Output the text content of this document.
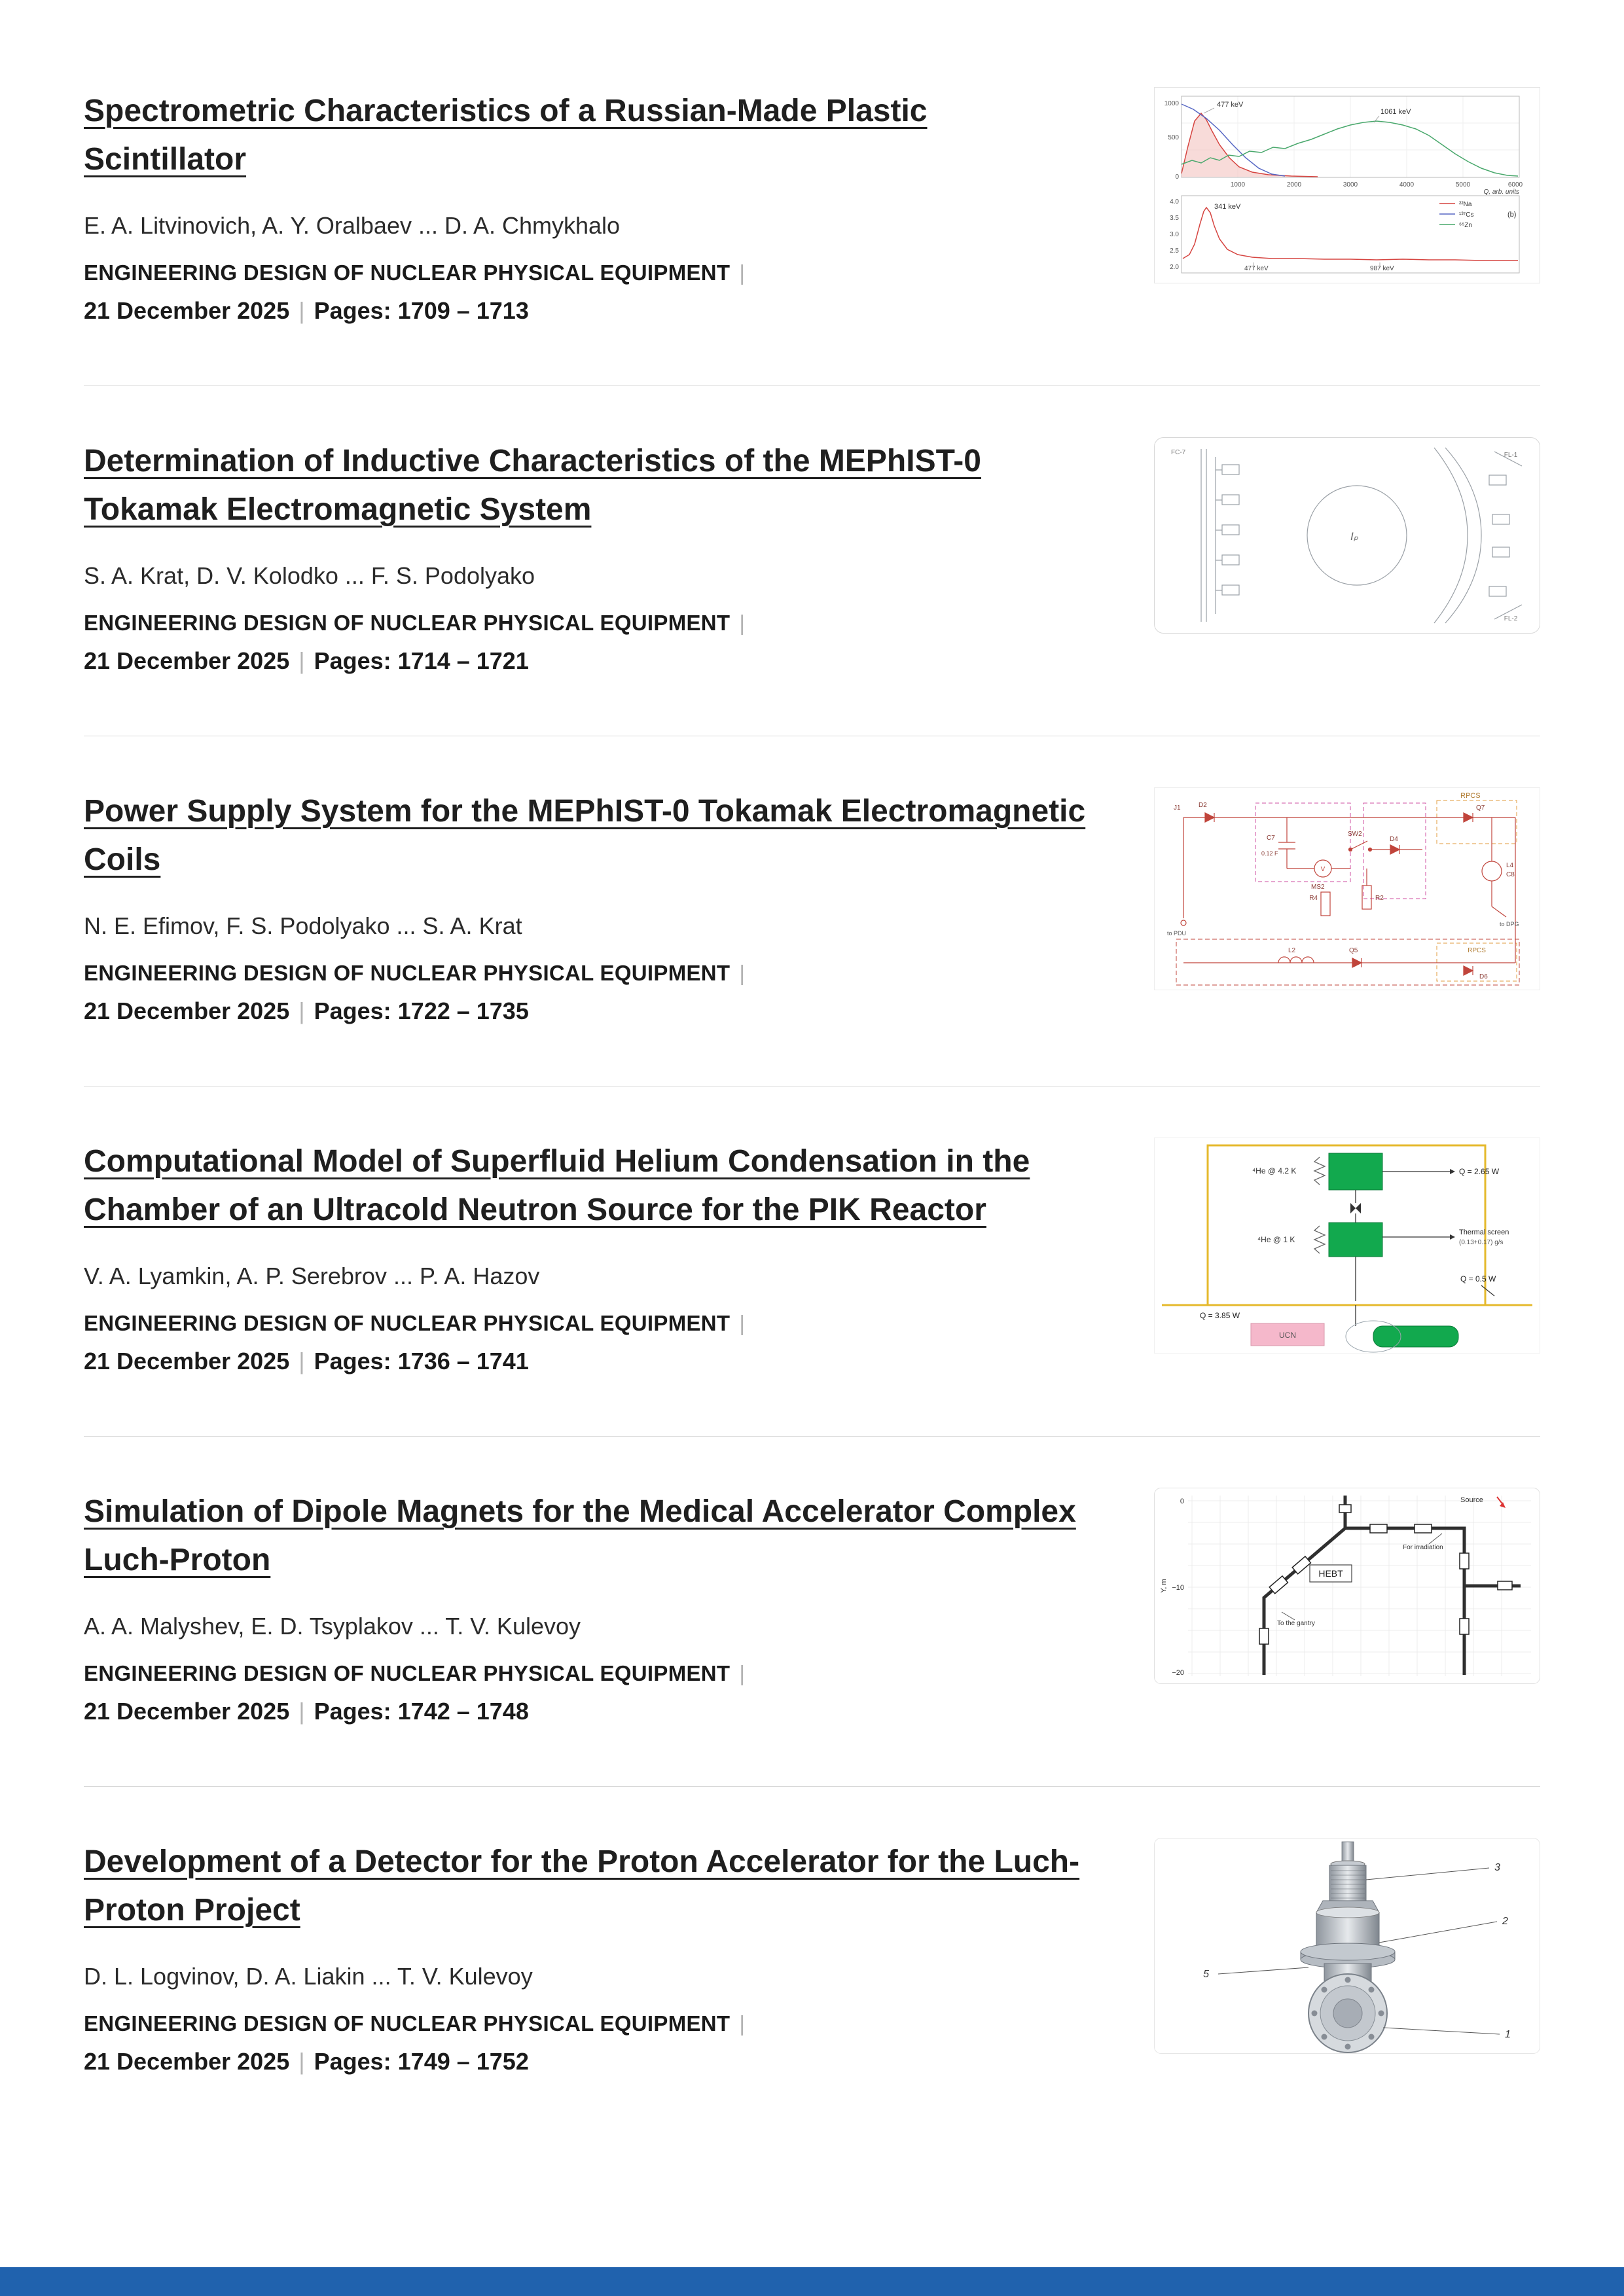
Spectrometric Characteristics of a Russian-Made Plastic Scintillator
E. A. Litvinovich, A. Y. Oralbaev ... D. A. Chmykhalo
ENGINEERING DESIGN OF NUCLEAR PHYSICAL EQUIPMENT |
21 December 2025 | Pages: 1709 – 1713
477 keV
1061 keV
1000
500
0
1000	2000	3000	4000	5000	6000
Q, arb. units
4.0
3.5
3.0
2.5
2.0
341 keV
477 keV	987 keV
²²Na
¹³⁷Cs
⁶⁵Zn
(b)
Determination of Inductive Characteristics of the MEPhIST-0 Tokamak Electromagnetic System
S. A. Krat, D. V. Kolodko ... F. S. Podolyako
ENGINEERING DESIGN OF NUCLEAR PHYSICAL EQUIPMENT |
21 December 2025 | Pages: 1714 – 1721
FC-7	FL-1
FL-2
Iₚ
Power Supply System for the MEPhIST-0 Tokamak Electromagnetic Coils
N. E. Efimov, F. S. Podolyako ... S. A. Krat
ENGINEERING DESIGN OF NUCLEAR PHYSICAL EQUIPMENT |
21 December 2025 | Pages: 1722 – 1735
J1	D2
C7
0.12 F
V
MS2
SW2
D4
R2
R4
RPCS
Q7
L4
C8
to DPG
to PDU
L2	Q5	RPCS
D6
Computational Model of Superfluid Helium Condensation in the Chamber of an Ultracold Neutron Source for the PIK Reactor
V. A. Lyamkin, A. P. Serebrov ... P. A. Hazov
ENGINEERING DESIGN OF NUCLEAR PHYSICAL EQUIPMENT |
21 December 2025 | Pages: 1736 – 1741
⁴He @ 4.2 K
⁴He @ 1 K
Q = 2.65 W
Thermal screen
(0.13+0.17) g/s
Q = 0.5 W
Q = 3.85 W
UCN
Simulation of Dipole Magnets for the Medical Accelerator Complex Luch-Proton
A. A. Malyshev, E. D. Tsyplakov ... T. V. Kulevoy
ENGINEERING DESIGN OF NUCLEAR PHYSICAL EQUIPMENT |
21 December 2025 | Pages: 1742 – 1748
0
−10
−20
Y, m
HEBT
Source
For irradiation
To the gantry
Development of a Detector for the Proton Accelerator for the Luch-Proton Project
D. L. Logvinov, D. A. Liakin ... T. V. Kulevoy
ENGINEERING DESIGN OF NUCLEAR PHYSICAL EQUIPMENT |
21 December 2025 | Pages: 1749 – 1752
3
2
5
1
